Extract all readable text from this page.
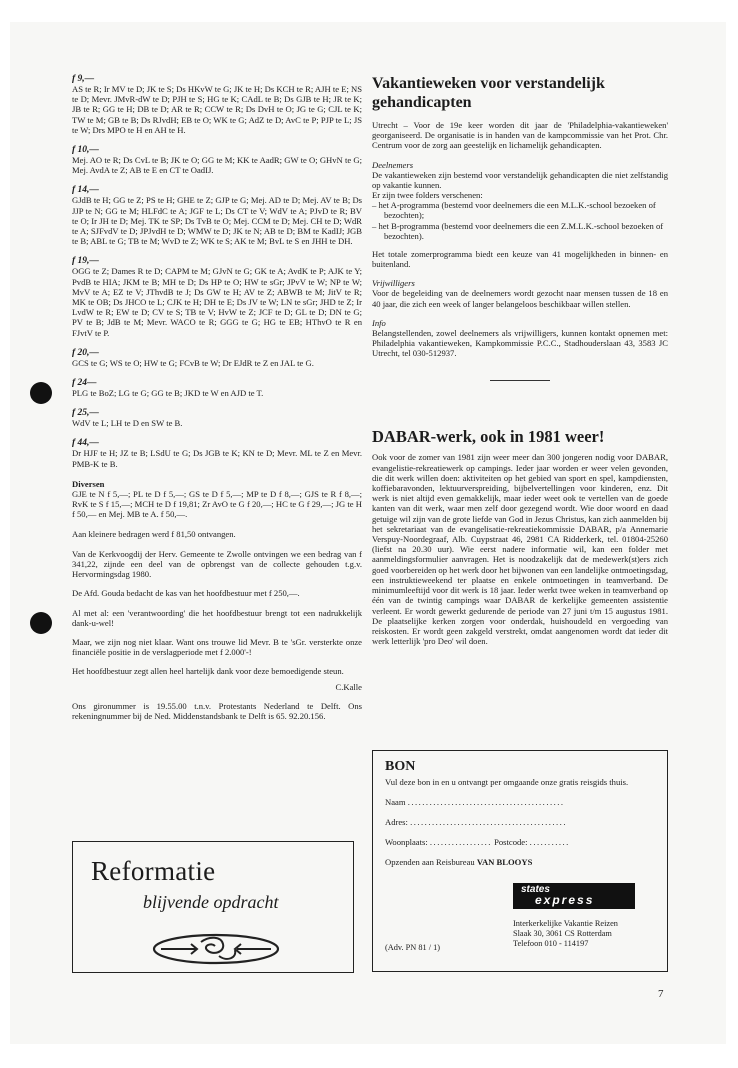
f 9,—

AS te R; Ir MV te D; JK te S; Ds HKvW te G; JK te H; Ds KCH te R; AJH te E; NS te D; Mevr. JMvR-dW te D; PJH te S; HG te K; CAdL te B; Ds GJB te H; JR te K; JB te R; GG te H; DB te D; AR te R; CCW te R; Ds DvH te O; JG te G; CJL te K; TW te M; GB te B; Ds RJvdH; EB te O; WK te G; AdZ te D; AvC te P; PJP te L; JS te W; Drs MPO te H en AH te H.

f 10,—

Mej. AO te R; Ds CvL te B; JK te O; GG te M; KK te AadR; GW te O; GHvN te G; Mej. AvdA te Z; AB te E en CT te OadIJ.

f 14,—

GJdB te H; GG te Z; PS te H; GHE te Z; GJP te G; Mej. AD te D; Mej. AV te B; Ds JJP te N; GG te M; HLFdC te A; JGF te L; Ds CT te V; WdV te A; PJvD te R; BV te O; Ir JH te D; Mej. TK te SP; Ds TvB te O; Mej. CCM te D; Mej. CH te D; WdR te A; SJFvdV te D; JPJvdH te D; WMW te D; JK te N; AB te D; BM te KadIJ; JGB te B; ABL te G; TB te M; WvD te Z; WK te S; AK te M; BvL te S en JHH te DH.

f 19,—

OGG te Z; Dames R te D; CAPM te M; GJvN te G; GK te A; AvdK te P; AJK te Y; PvdB te HIA; JKM te B; MH te D; Ds HP te O; HW te sGr; JPvV te W; NP te W; MvV te A; EZ te V; JThvdB te J; Ds GW te H; AV te Z; ABWB te M; JitV te R; MK te OB; Ds JHCO te L; CJK te H; DH te E; Ds JV te W; LN te sGr; JHD te Z; Ir LvdW te R; EW te D; CV te S; TB te V; HvW te Z; JCF te D; GL te D; DN te G; PV te B; JdB te M; Mevr. WACO te R; GGG te G; HG te EB; HThvO te R en FJvtV te P.

f 20,—

GCS te G; WS te O; HW te G; FCvB te W; Dr EJdR te Z en JAL te G.

f 24—

PLG te BoZ; LG te G; GG te B; JKD te W en AJD te T.

f 25,—

WdV te L; LH te D en SW te B.

f 44,—

Dr HJF te H; JZ te B; LSdU te G; Ds JGB te K; KN te D; Mevr. ML te Z en Mevr. PMB-K te B.

Diversen

GJE te N f 5,—; PL te D f 5,—; GS te D f 5,—; MP te D f 8,—; GJS te R f 8,—; RvK te S f 15,—; MCH te D f 19,81; Zr AvO te G f 20,—; HC te G f 29,—; JG te H f 50,— en Mej. MB te A. f 50,—.

Aan kleinere bedragen werd f 81,50 ontvangen.

Van de Kerkvoogdij der Herv. Gemeente te Zwolle ontvingen we een bedrag van f 341,22, zijnde een deel van de opbrengst van de collecte gehouden t.g.v. Hervormingsdag 1980.

De Afd. Gouda bedacht de kas van het hoofdbestuur met f 250,—.

Al met al: een 'verantwoording' die het hoofdbestuur brengt tot een nadrukkelijk dank-u-wel!

Maar, we zijn nog niet klaar. Want ons trouwe lid Mevr. B te 'sGr. versterkte onze financiële positie in de verslagperiode met f 2.000'-!

Het hoofdbestuur zegt allen heel hartelijk dank voor deze bemoedigende steun.

C.Kalle

Ons gironummer is 19.55.00 t.n.v. Protestants Nederland te Delft. Ons rekeningnummer bij de Ned. Middenstandsbank te Delft is 65. 92.20.156.

Reformatie
blijvende opdracht
Vakantieweken voor verstandelijk gehandicapten

Utrecht – Voor de 19e keer worden dit jaar de 'Philadelphia-vakantieweken' georganiseerd. De organisatie is in handen van de kampcommissie van het Prot. Chr. Centrum voor de zorg aan geestelijk en lichamelijk gehandicapten.

Deelnemers

De vakantieweken zijn bestemd voor verstandelijk gehandicapten die niet zelfstandig op vakantie kunnen.

Er zijn twee folders verschenen:

– het A-programma (bestemd voor deelnemers die een M.L.K.-school bezoeken of bezochten);
– het B-programma (bestemd voor deelnemers die een Z.M.L.K.-school bezoeken of bezochten).

Het totale zomerprogramma biedt een keuze van 41 mogelijkheden in binnen- en buitenland.

Vrijwilligers

Voor de begeleiding van de deelnemers wordt gezocht naar mensen tussen de 18 en 40 jaar, die zich een week of langer belangeloos beschikbaar willen stellen.

Info

Belangstellenden, zowel deelnemers als vrijwilligers, kunnen kontakt opnemen met: Philadelphia vakantieweken, Kampkommissie P.C.C., Stadhouderslaan 43, 3583 JC Utrecht, tel 030-512937.

DABAR-werk, ook in 1981 weer!

Ook voor de zomer van 1981 zijn weer meer dan 300 jongeren nodig voor DABAR, evangelistie-rekreatiewerk op campings. Ieder jaar worden er weer velen gevonden, die dit werk willen doen: aktiviteiten op het gebied van sport en spel, kampdiensten, koffiebaravonden, lektuurverspreiding, bijbelvertellingen voor kinderen, enz. Dit werk is niet altijd even gemakkelijk, maar ieder weet ook te vertellen van de goede kanten van dit werk, waar men zelf door gezegend wordt. Wie door woord en daad getuige wil zijn van de grote liefde van God in Jezus Christus, kan zich aanmelden bij het sekretariaat van de evangelisatie-rekreatiekommissie DABAR, p/a Annemarie Verspuy-Noordegraaf, Alb. Cuypstraat 46, 2981 CA Ridderkerk, tel. 01804-25260 (liefst na 20.30 uur). Wie eerst nadere informatie wil, kan een folder met aanmeldingsformulier aanvragen. Het is noodzakelijk dat de medewerk(st)ers zich goed voorbereiden op het werk door het bijwonen van een landelijke ontmoetingsdag, een instruktieweekend ter plaatse en enkele ontmoetingen in teamverband. De minimumleeftijd voor dit werk is 18 jaar. Ieder werkt twee weken in teamverband op één van de twintig campings waar DABAR de kerkelijke gemeenten assistentie verleent. Er wordt gewerkt gedurende de periode van 27 juni t/m 15 augustus 1981. De plaatselijke kerken zorgen voor onderdak, huishoudeld en vergoeding van reiskosten. Er wordt geen zakgeld verstrekt, omdat aangenomen wordt dat ieder dit werk letterlijk 'pro Deo' wil doen.

BON

Vul deze bon in en u ontvangt per omgaande onze gratis reisgids thuis.

Naam ...........................................
Adres: ...........................................
Woonplaats: ................. Postcode: ...........
Opzenden aan Reisbureau VAN BLOOYS
states
express
Interkerkelijke Vakantie Reizen
Slaak 30, 3061 CS Rotterdam
Telefoon 010 - 114197
(Adv. PN 81 / 1)
7
